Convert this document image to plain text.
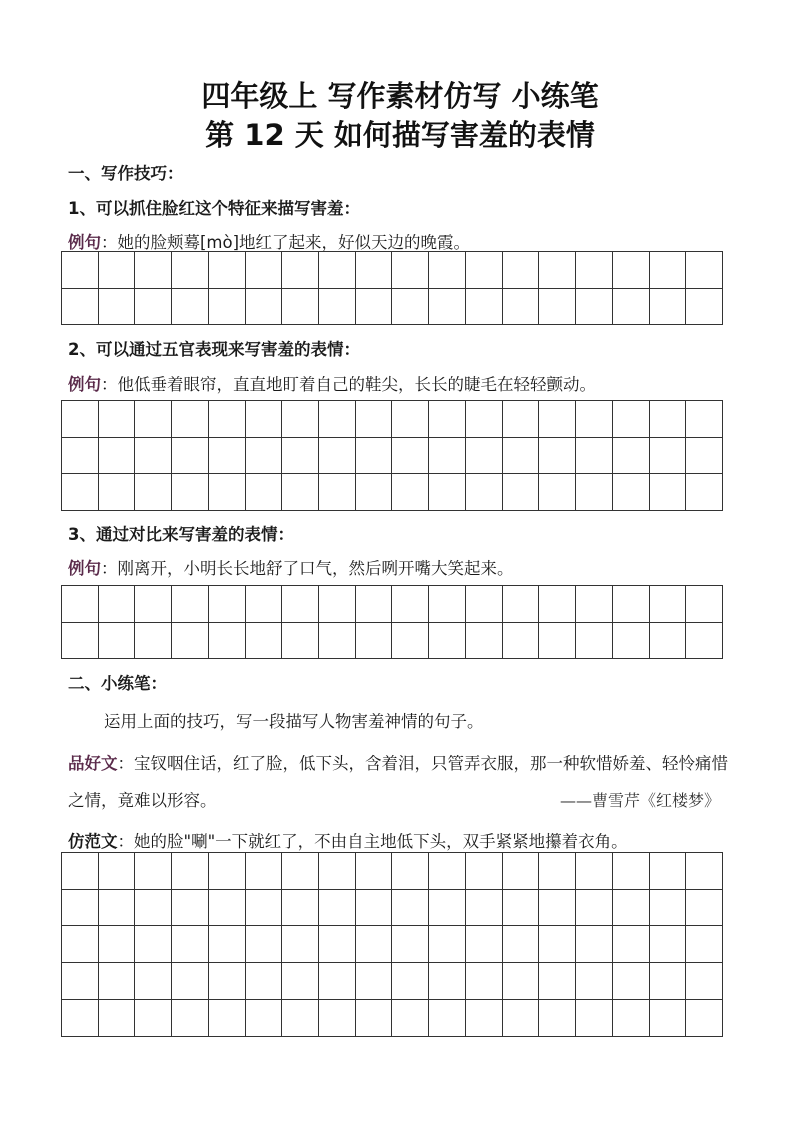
四年级上 写作素材仿写 小练笔
第 12 天 如何描写害羞的表情
一、写作技巧：
1、可以抓住脸红这个特征来描写害羞：
例句：她的脸颊蓦[mò]地红了起来，好似天边的晚霞。
2、可以通过五官表现来写害羞的表情：
例句：他低垂着眼帘，直直地盯着自己的鞋尖，长长的睫毛在轻轻颤动。
3、通过对比来写害羞的表情：
例句：刚离开，小明长长地舒了口气，然后咧开嘴大笑起来。
二、小练笔：
运用上面的技巧，写一段描写人物害羞神情的句子。
品好文：宝钗咽住话，红了脸，低下头，含着泪，只管弄衣服，那一种软惜娇羞、轻怜痛惜之情，竟难以形容。	——曹雪芹《红楼梦》
仿范文：她的脸"唰"一下就红了，不由自主地低下头，双手紧紧地攥着衣角。
